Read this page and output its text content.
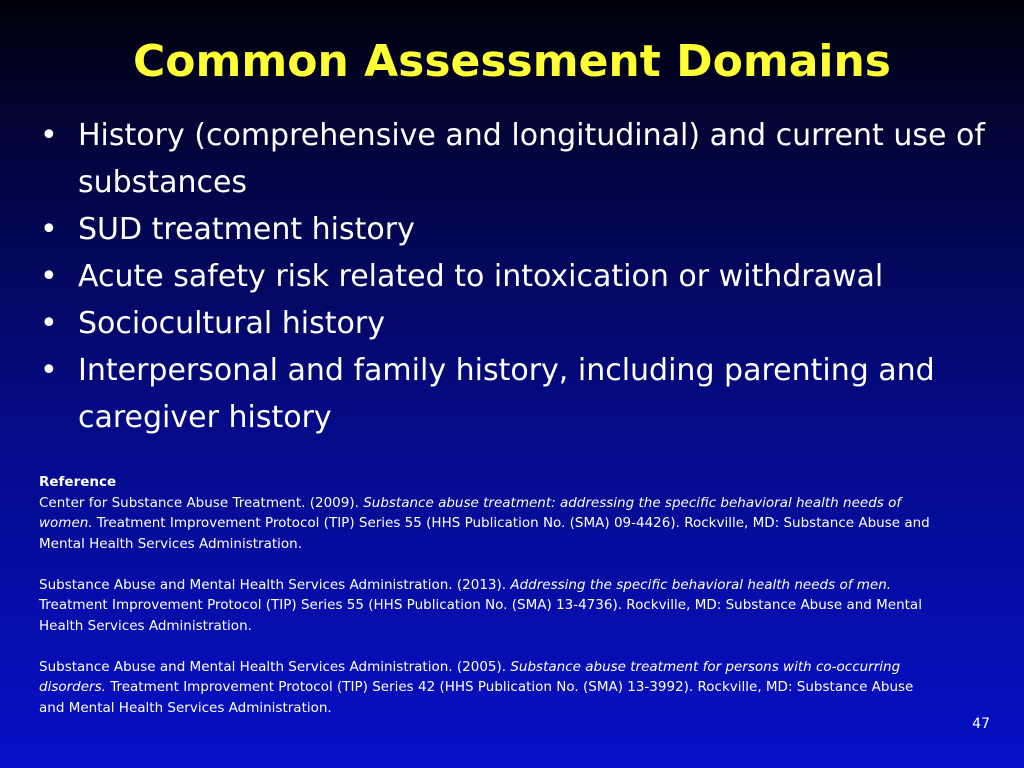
Common Assessment Domains
• History (comprehensive and longitudinal) and current use of substances
• SUD treatment history
• Acute safety risk related to intoxication or withdrawal
• Sociocultural history
• Interpersonal and family history, including parenting and caregiver history
Reference

Center for Substance Abuse Treatment. (2009). Substance abuse treatment: addressing the specific behavioral health needs of women. Treatment Improvement Protocol (TIP) Series 55 (HHS Publication No. (SMA) 09-4426). Rockville, MD: Substance Abuse and Mental Health Services Administration.

Substance Abuse and Mental Health Services Administration. (2013). Addressing the specific behavioral health needs of men. Treatment Improvement Protocol (TIP) Series 55 (HHS Publication No. (SMA) 13-4736). Rockville, MD: Substance Abuse and Mental Health Services Administration.

Substance Abuse and Mental Health Services Administration. (2005). Substance abuse treatment for persons with co-occurring disorders. Treatment Improvement Protocol (TIP) Series 42 (HHS Publication No. (SMA) 13-3992). Rockville, MD: Substance Abuse and Mental Health Services Administration.

47
